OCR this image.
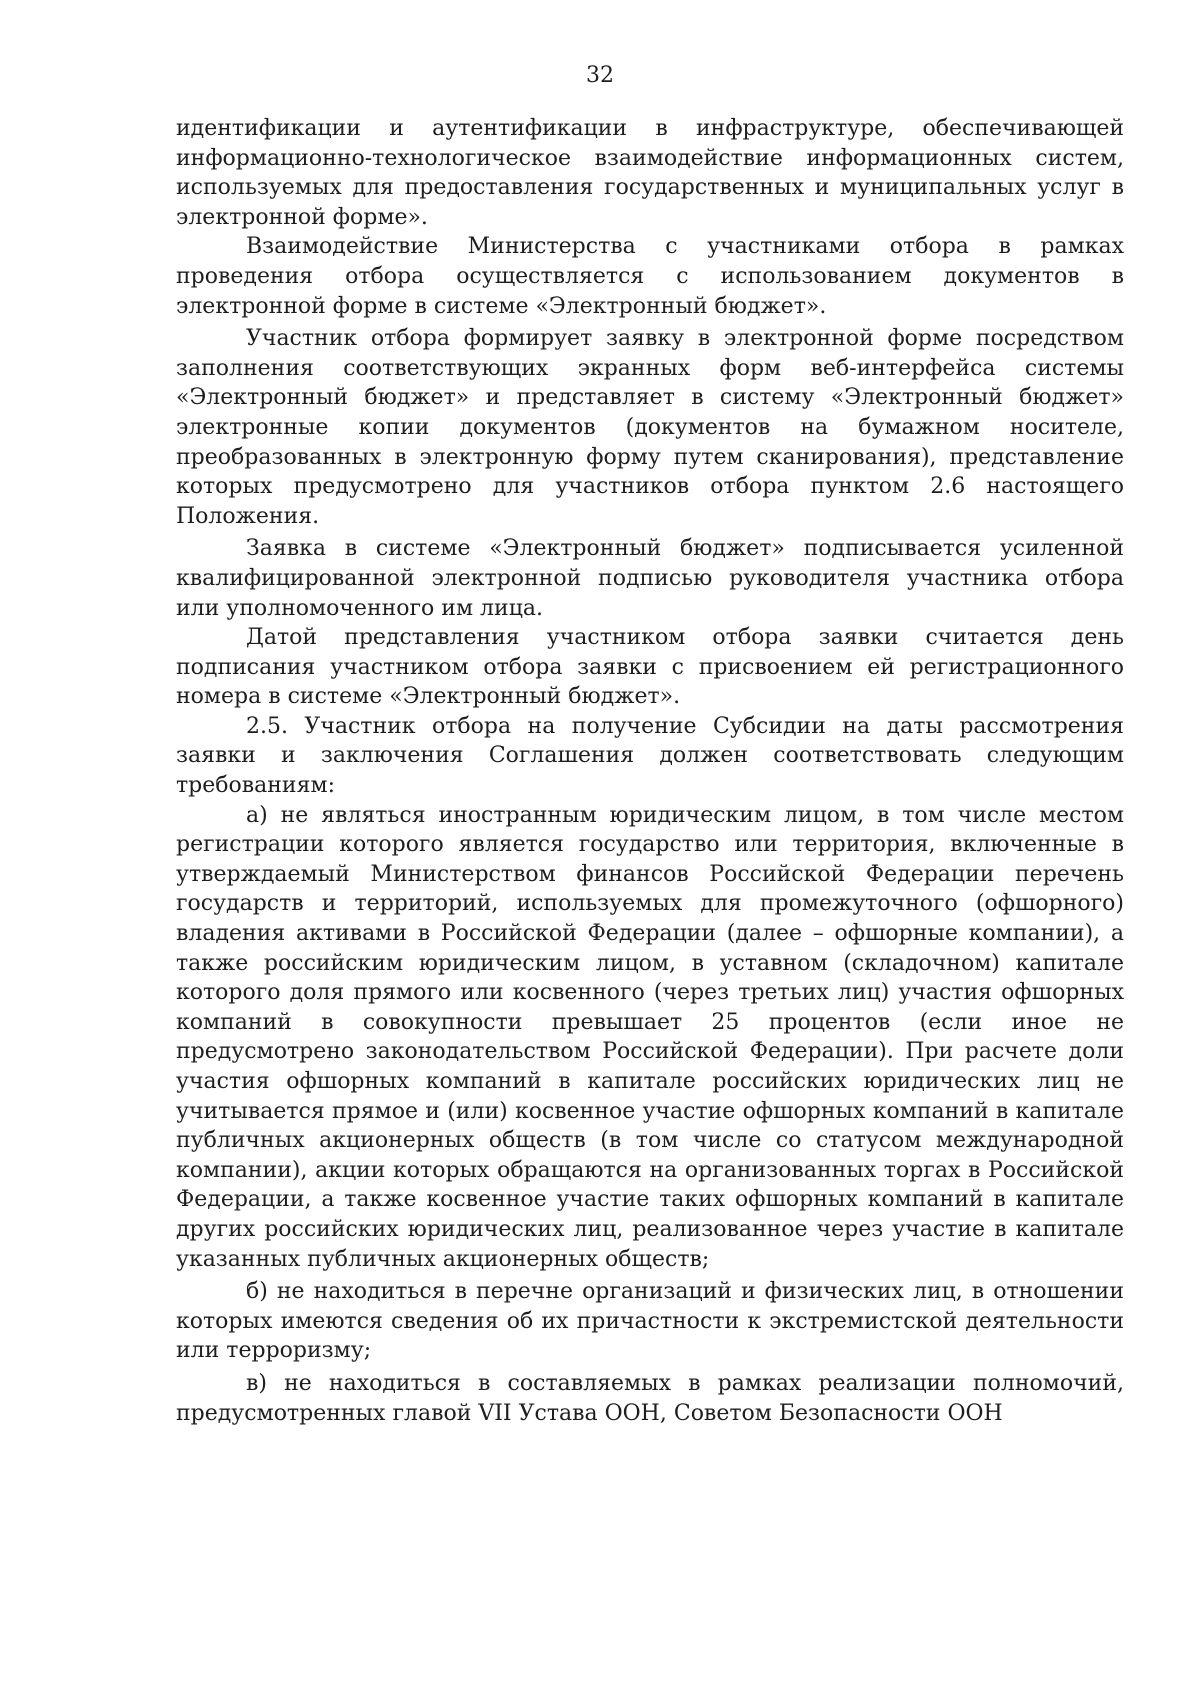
32

идентификации и аутентификации в инфраструктуре, обеспечивающей информационно-технологическое взаимодействие информационных систем, используемых для предоставления государственных и муниципальных услуг в электронной форме».

Взаимодействие Министерства с участниками отбора в рамках проведения отбора осуществляется с использованием документов в электронной форме в системе «Электронный бюджет».

Участник отбора формирует заявку в электронной форме посредством заполнения соответствующих экранных форм веб-интерфейса системы «Электронный бюджет» и представляет в систему «Электронный бюджет» электронные копии документов (документов на бумажном носителе, преобразованных в электронную форму путем сканирования), представление которых предусмотрено для участников отбора пунктом 2.6 настоящего Положения.

Заявка в системе «Электронный бюджет» подписывается усиленной квалифицированной электронной подписью руководителя участника отбора или уполномоченного им лица.

Датой представления участником отбора заявки считается день подписания участником отбора заявки с присвоением ей регистрационного номера в системе «Электронный бюджет».

2.5. Участник отбора на получение Субсидии на даты рассмотрения заявки и заключения Соглашения должен соответствовать следующим требованиям:

а) не являться иностранным юридическим лицом, в том числе местом регистрации которого является государство или территория, включенные в утверждаемый Министерством финансов Российской Федерации перечень государств и территорий, используемых для промежуточного (офшорного) владения активами в Российской Федерации (далее – офшорные компании), а также российским юридическим лицом, в уставном (складочном) капитале которого доля прямого или косвенного (через третьих лиц) участия офшорных компаний в совокупности превышает 25 процентов (если иное не предусмотрено законодательством Российской Федерации). При расчете доли участия офшорных компаний в капитале российских юридических лиц не учитывается прямое и (или) косвенное участие офшорных компаний в капитале публичных акционерных обществ (в том числе со статусом международной компании), акции которых обращаются на организованных торгах в Российской Федерации, а также косвенное участие таких офшорных компаний в капитале других российских юридических лиц, реализованное через участие в капитале указанных публичных акционерных обществ;

б) не находиться в перечне организаций и физических лиц, в отношении которых имеются сведения об их причастности к экстремистской деятельности или терроризму;

в) не находиться в составляемых в рамках реализации полномочий, предусмотренных главой VII Устава ООН, Советом Безопасности ООН
